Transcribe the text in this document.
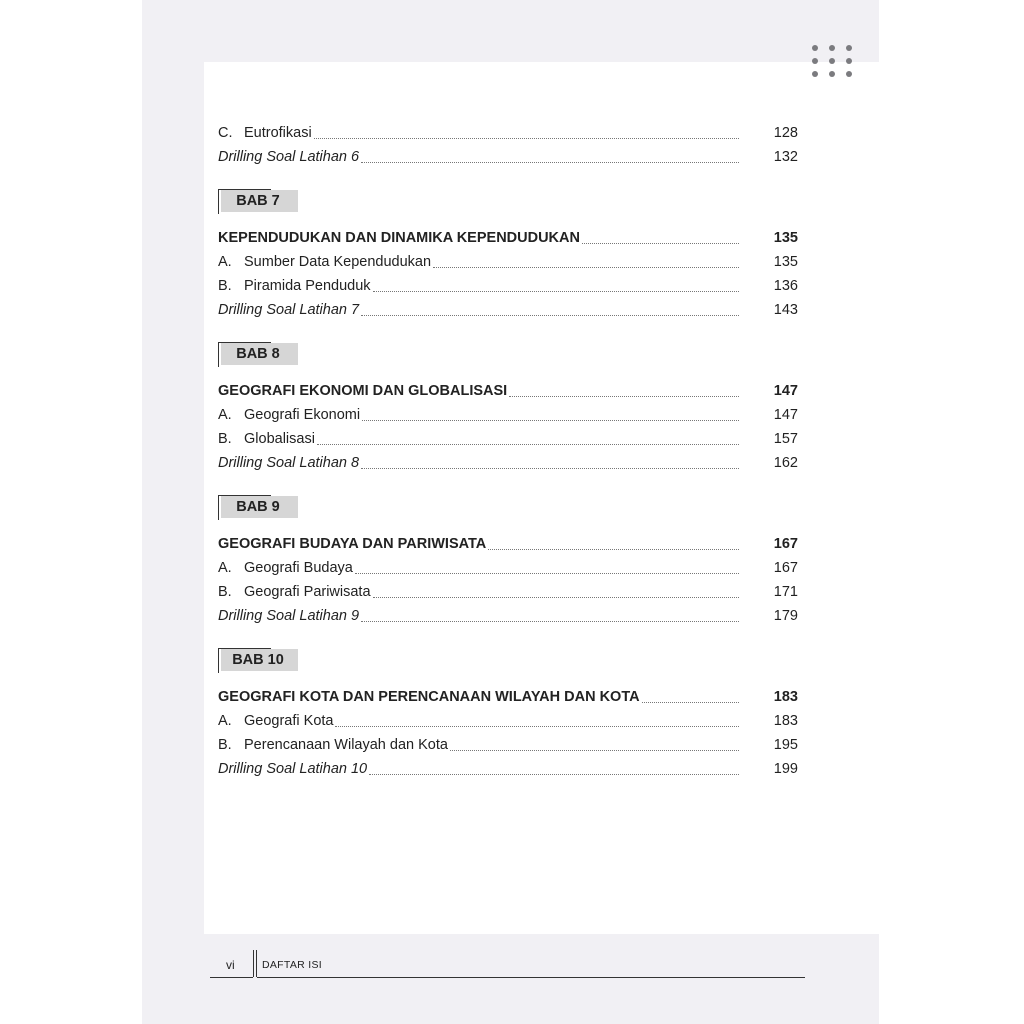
C. Eutrofikasi	128
Drilling Soal Latihan 6	132
BAB 7
KEPENDUDUKAN DAN DINAMIKA KEPENDUDUKAN	135
A. Sumber Data Kependudukan	135
B. Piramida Penduduk	136
Drilling Soal Latihan 7	143
BAB 8
GEOGRAFI EKONOMI DAN GLOBALISASI	147
A. Geografi Ekonomi	147
B. Globalisasi	157
Drilling Soal Latihan 8	162
BAB 9
GEOGRAFI BUDAYA DAN PARIWISATA	167
A. Geografi Budaya	167
B. Geografi Pariwisata	171
Drilling Soal Latihan 9	179
BAB 10
GEOGRAFI KOTA DAN PERENCANAAN WILAYAH DAN KOTA	183
A. Geografi Kota	183
B. Perencanaan Wilayah dan Kota	195
Drilling Soal Latihan 10	199
vi	DAFTAR ISI
